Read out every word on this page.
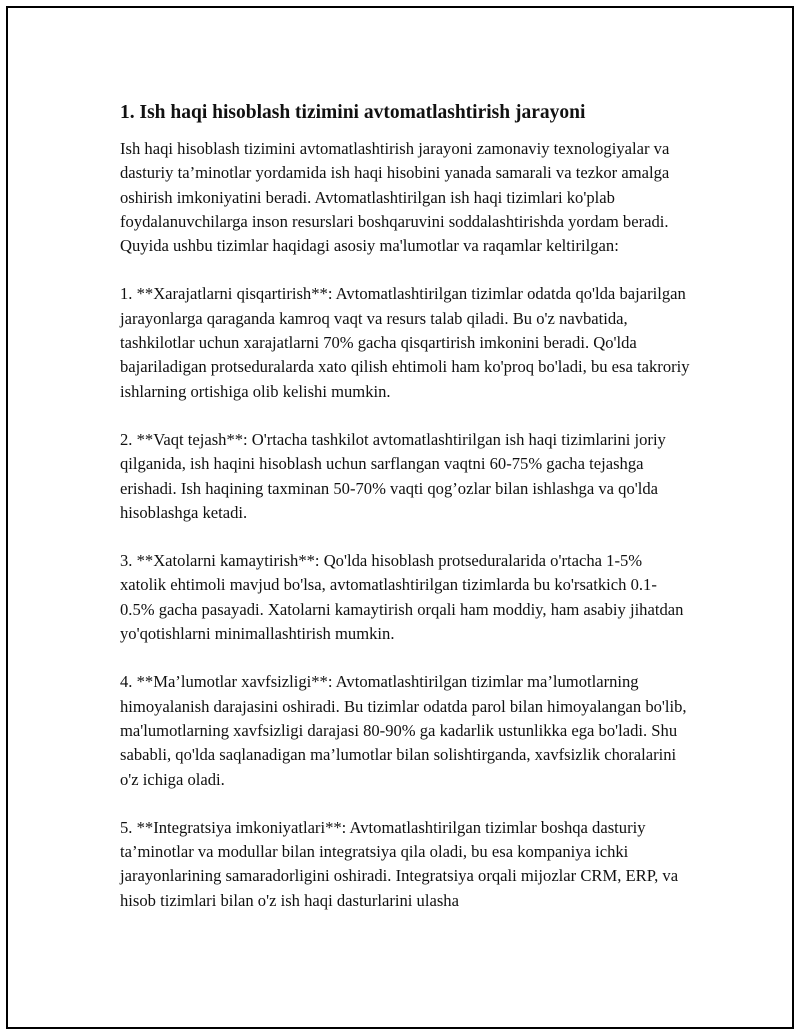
1. Ish haqi hisoblash tizimini avtomatlashtirish jarayoni

Ish haqi hisoblash tizimini avtomatlashtirish jarayoni zamonaviy texnologiyalar va dasturiy ta’minotlar yordamida ish haqi hisobini yanada samarali va tezkor amalga oshirish imkoniyatini beradi. Avtomatlashtirilgan ish haqi tizimlari ko'plab foydalanuvchilarga inson resurslari boshqaruvini soddalashtirishda yordam beradi. Quyida ushbu tizimlar haqidagi asosiy ma'lumotlar va raqamlar keltirilgan:

1. **Xarajatlarni qisqartirish**: Avtomatlashtirilgan tizimlar odatda qo'lda bajarilgan jarayonlarga qaraganda kamroq vaqt va resurs talab qiladi. Bu o'z navbatida, tashkilotlar uchun xarajatlarni 70% gacha qisqartirish imkonini beradi. Qo'lda bajariladigan protseduralarda xato qilish ehtimoli ham ko'proq bo'ladi, bu esa takroriy ishlarning ortishiga olib kelishi mumkin.

2. **Vaqt tejash**: O'rtacha tashkilot avtomatlashtirilgan ish haqi tizimlarini joriy qilganida, ish haqini hisoblash uchun sarflangan vaqtni 60-75% gacha tejashga erishadi. Ish haqining taxminan 50-70% vaqti qog’ozlar bilan ishlashga va qo'lda hisoblashga ketadi.

3. **Xatolarni kamaytirish**: Qo'lda hisoblash protseduralarida o'rtacha 1-5% xatolik ehtimoli mavjud bo'lsa, avtomatlashtirilgan tizimlarda bu ko'rsatkich 0.1-0.5% gacha pasayadi. Xatolarni kamaytirish orqali ham moddiy, ham asabiy jihatdan yo'qotishlarni minimallashtirish mumkin.

4. **Ma’lumotlar xavfsizligi**: Avtomatlashtirilgan tizimlar ma’lumotlarning himoyalanish darajasini oshiradi. Bu tizimlar odatda parol bilan himoyalangan bo'lib, ma'lumotlarning xavfsizligi darajasi 80-90% ga kadarlik ustunlikka ega bo'ladi. Shu sababli, qo'lda saqlanadigan ma’lumotlar bilan solishtirganda, xavfsizlik choralarini o'z ichiga oladi.

5. **Integratsiya imkoniyatlari**: Avtomatlashtirilgan tizimlar boshqa dasturiy ta’minotlar va modullar bilan integratsiya qila oladi, bu esa kompaniya ichki jarayonlarining samaradorligini oshiradi. Integratsiya orqali mijozlar CRM, ERP, va hisob tizimlari bilan o'z ish haqi dasturlarini ulasha
